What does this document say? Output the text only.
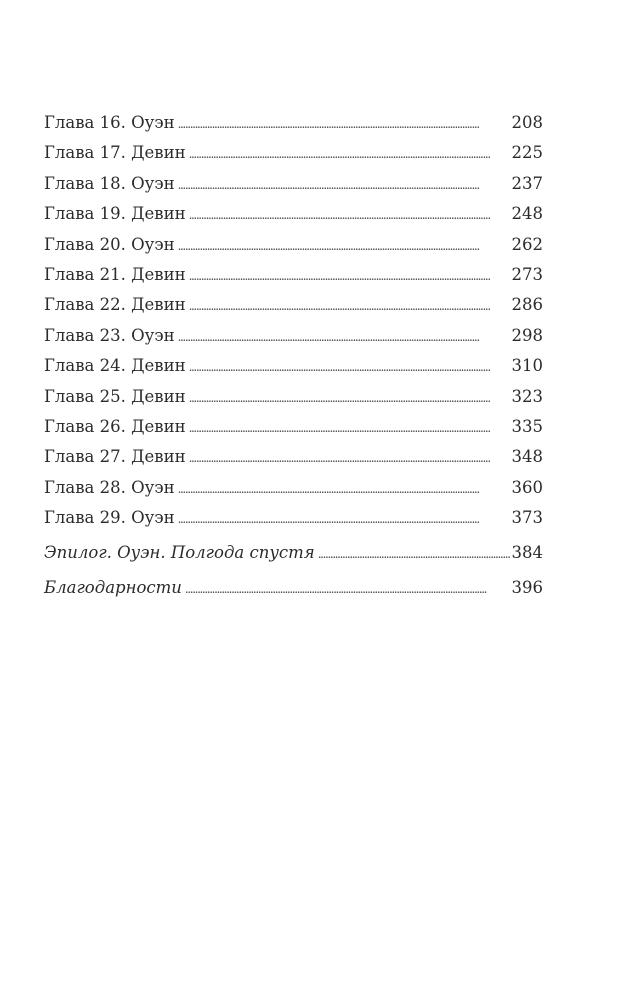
Глава 16. Оуэн . . .	208
Глава 17. Девин . . .	225
Глава 18. Оуэн . . .	237
Глава 19. Девин . . .	248
Глава 20. Оуэн . . .	262
Глава 21. Девин . . .	273
Глава 22. Девин . . .	286
Глава 23. Оуэн . . .	298
Глава 24. Девин . . .	310
Глава 25. Девин . . .	323
Глава 26. Девин . . .	335
Глава 27. Девин . . .	348
Глава 28. Оуэн . . .	360
Глава 29. Оуэн . . .	373
Эпилог. Оуэн. Полгода спустя . . .	384
Благодарности . . .	396
